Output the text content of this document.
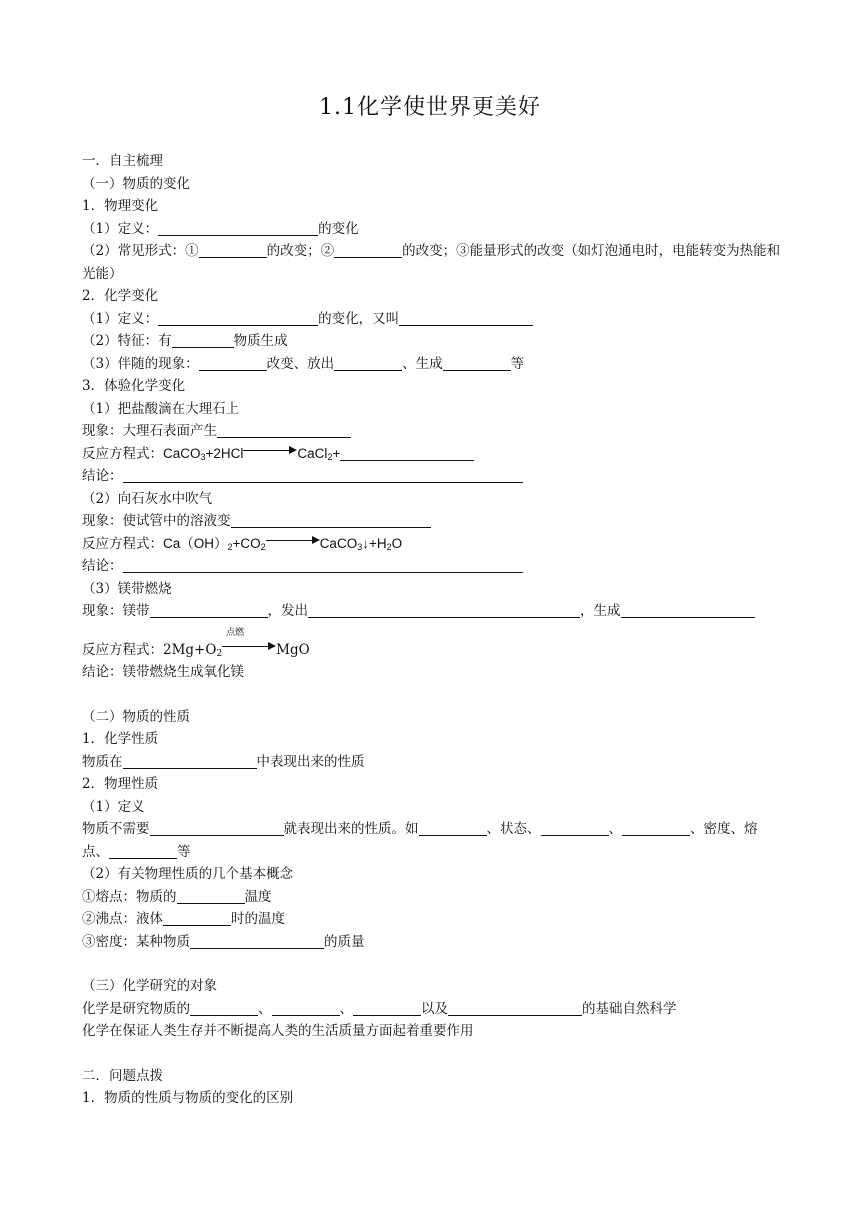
1.1化学使世界更美好
一．自主梳理
（一）物质的变化
1．物理变化
（1）定义：	的变化
（2）常见形式：①	的改变；②	的改变；③能量形式的改变（如灯泡通电时，电能转变为热能和光能）
2．化学变化
（1）定义：	的变化，又叫
（2）特征：有	物质生成
（3）伴随的现象：	改变、放出	、生成	等
3．体验化学变化
（1）把盐酸滴在大理石上
现象：大理石表面产生
反应方程式：CaCO$_3$+2HCl	CaCl$_2$+
结论：
（2）向石灰水中吹气
现象：使试管中的溶液变
反应方程式：$Ca(OH)_2+CO_2$	$CaCO_3↓+H_2O$
结论：
（3）镁带燃烧
现象：镁带	，发出	，生成
反应方程式：$2Mg+O_2$
点燃
MgO
结论：镁带燃烧生成氧化镁
（二）物质的性质
1．化学性质
物质在	中表现出来的性质
2．物理性质
（1）定义
物质不需要	就表现出来的性质。如	、状态、	、	、密度、熔点、	等
（2）有关物理性质的几个基本概念
①熔点：物质的	温度
②沸点：液体	时的温度
③密度：某种物质	的质量
（三）化学研究的对象
化学是研究物质的	、	、	以及	的基础自然科学
化学在保证人类生存并不断提高人类的生活质量方面起着重要作用
二．问题点拨
1．物质的性质与物质的变化的区别
